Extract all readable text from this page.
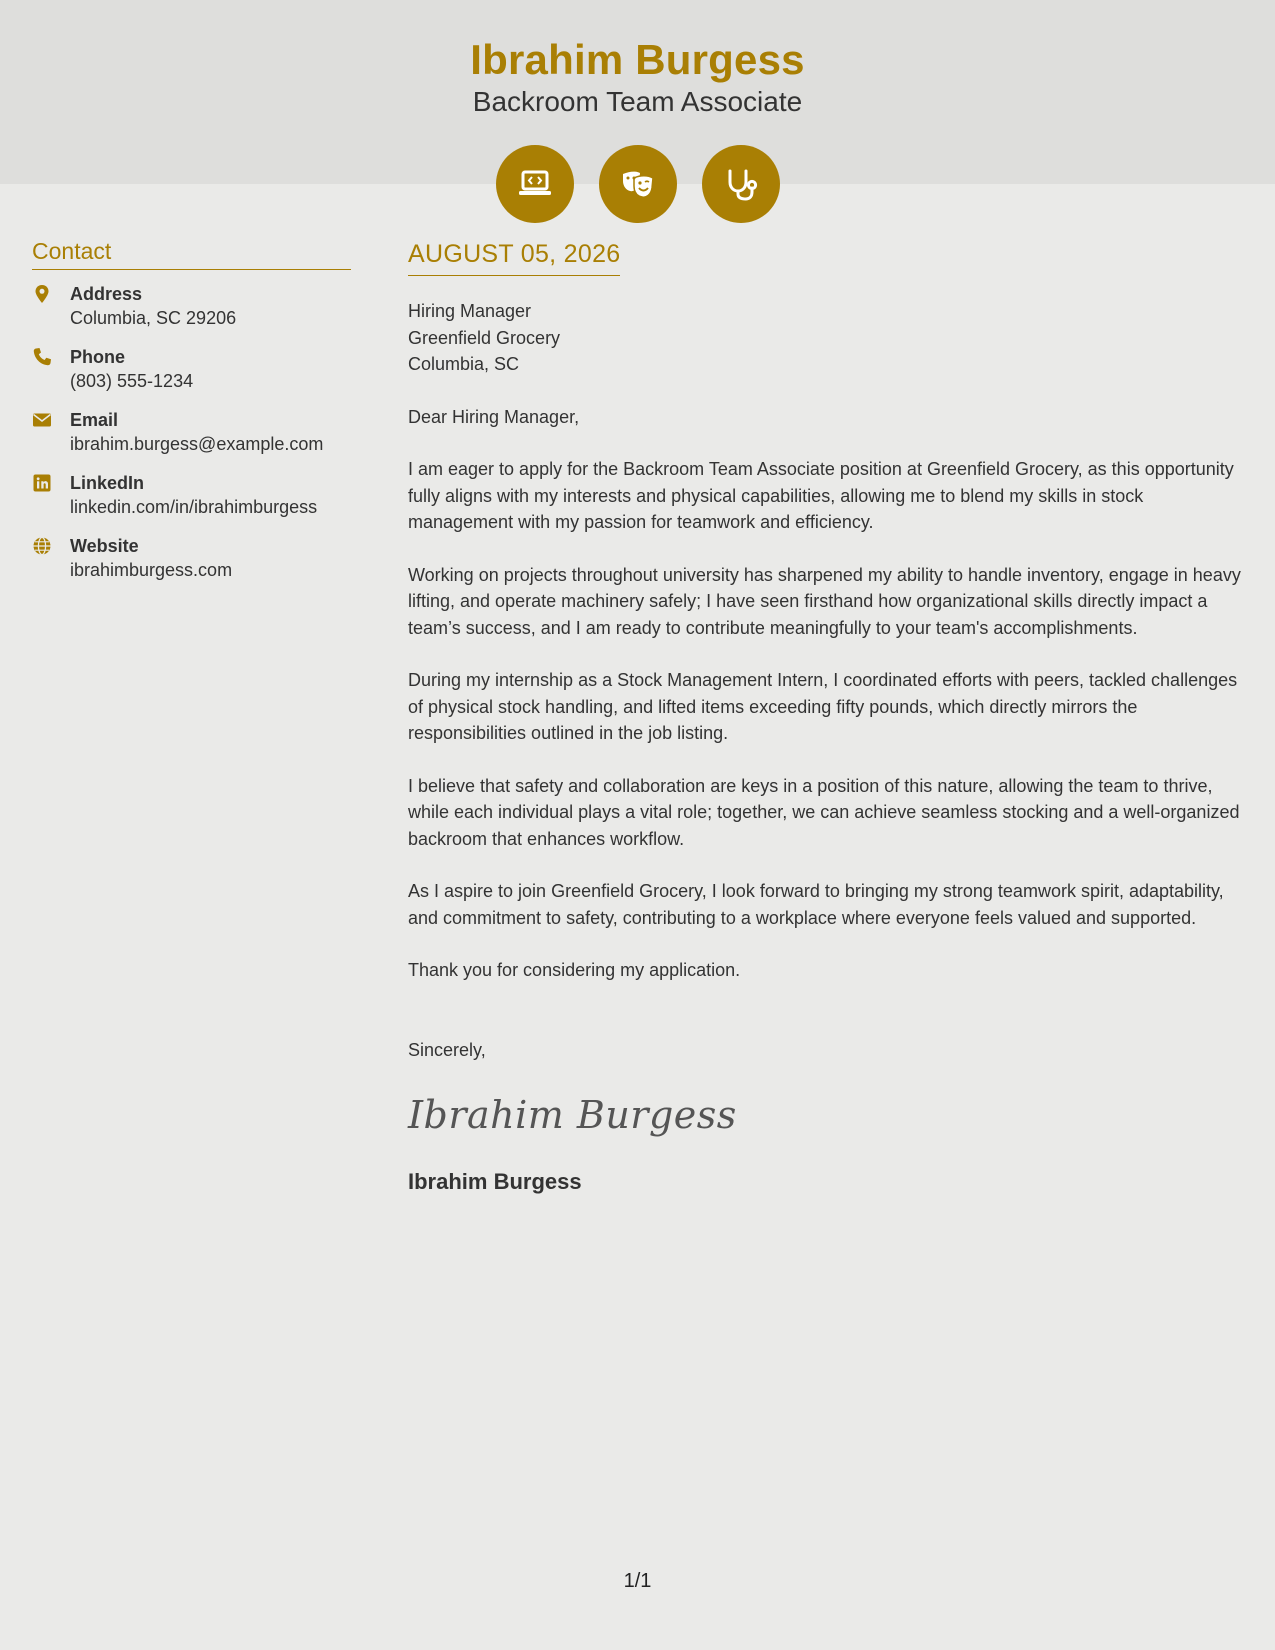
Ibrahim Burgess
Backroom Team Associate
Contact
Address
Columbia, SC 29206
Phone
(803) 555-1234
Email
ibrahim.burgess@example.com
LinkedIn
linkedin.com/in/ibrahimburgess
Website
ibrahimburgess.com
AUGUST 05, 2026
Hiring Manager
Greenfield Grocery
Columbia, SC
Dear Hiring Manager,
I am eager to apply for the Backroom Team Associate position at Greenfield Grocery, as this opportunity fully aligns with my interests and physical capabilities, allowing me to blend my skills in stock management with my passion for teamwork and efficiency.
Working on projects throughout university has sharpened my ability to handle inventory, engage in heavy lifting, and operate machinery safely; I have seen firsthand how organizational skills directly impact a team’s success, and I am ready to contribute meaningfully to your team's accomplishments.
During my internship as a Stock Management Intern, I coordinated efforts with peers, tackled challenges of physical stock handling, and lifted items exceeding fifty pounds, which directly mirrors the responsibilities outlined in the job listing.
I believe that safety and collaboration are keys in a position of this nature, allowing the team to thrive, while each individual plays a vital role; together, we can achieve seamless stocking and a well-organized backroom that enhances workflow.
As I aspire to join Greenfield Grocery, I look forward to bringing my strong teamwork spirit, adaptability, and commitment to safety, contributing to a workplace where everyone feels valued and supported.
Thank you for considering my application.
Sincerely,
Ibrahim Burgess
Ibrahim Burgess
1/1
